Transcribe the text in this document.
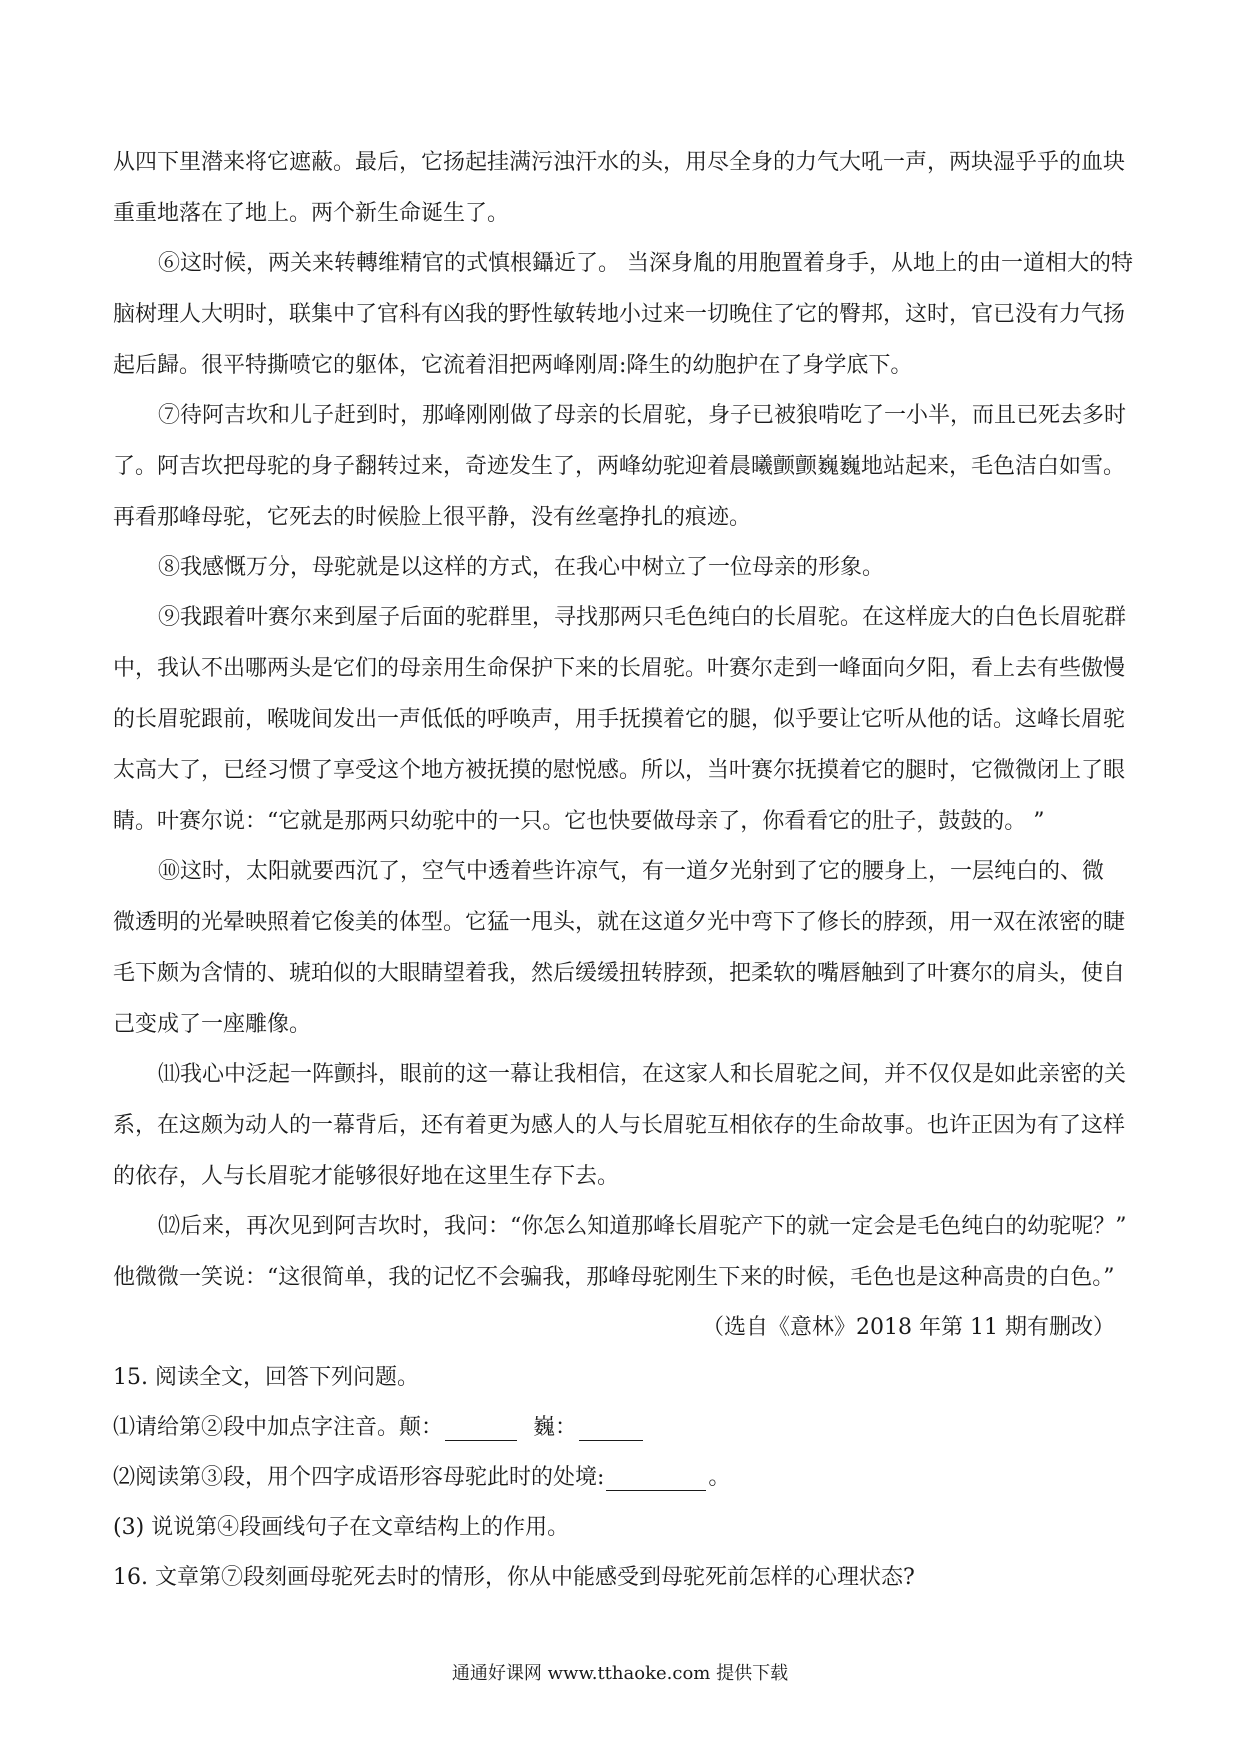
从四下里潜来将它遮蔽。最后，它扬起挂满污浊汗水的头，用尽全身的力气大吼一声，两块湿乎乎的血块

重重地落在了地上。两个新生命诞生了。

⑥这时候，两关来转轉维精官的式慎根鑷近了。 当深身胤的用胞置着身手，从地上的由一道相大的特

脑树理人大明时，联集中了官科有凶我的野性敏转地小过来一切晚住了它的臀邦，这时，官已没有力气扬

起后歸。很平特撕喷它的躯体，它流着泪把两峰刚周:降生的幼胞护在了身学底下。

⑦待阿吉坎和儿子赶到时，那峰刚刚做了母亲的长眉驼，身子已被狼啃吃了一小半，而且已死去多时

了。阿吉坎把母驼的身子翻转过来，奇迹发生了，两峰幼驼迎着晨曦颤颤巍巍地站起来，毛色洁白如雪。

再看那峰母驼，它死去的时候脸上很平静，没有丝毫挣扎的痕迹。

⑧我感慨万分，母驼就是以这样的方式，在我心中树立了一位母亲的形象。

⑨我跟着叶赛尔来到屋子后面的驼群里，寻找那两只毛色纯白的长眉驼。在这样庞大的白色长眉驼群

中，我认不出哪两头是它们的母亲用生命保护下来的长眉驼。叶赛尔走到一峰面向夕阳，看上去有些傲慢

的长眉驼跟前，喉咙间发出一声低低的呼唤声，用手抚摸着它的腿，似乎要让它听从他的话。这峰长眉驼

太高大了，已经习惯了享受这个地方被抚摸的慰悦感。所以，当叶赛尔抚摸着它的腿时，它微微闭上了眼

睛。叶赛尔说：“它就是那两只幼驼中的一只。它也快要做母亲了，你看看它的肚子，鼓鼓的。 ”

⑩这时，太阳就要西沉了，空气中透着些许凉气，有一道夕光射到了它的腰身上，一层纯白的、微

微透明的光晕映照着它俊美的体型。它猛一甩头，就在这道夕光中弯下了修长的脖颈，用一双在浓密的睫

毛下颇为含情的、琥珀似的大眼睛望着我，然后缓缓扭转脖颈，把柔软的嘴唇触到了叶赛尔的肩头，使自

己变成了一座雕像。

⑾我心中泛起一阵颤抖，眼前的这一幕让我相信，在这家人和长眉驼之间，并不仅仅是如此亲密的关

系，在这颇为动人的一幕背后，还有着更为感人的人与长眉驼互相依存的生命故事。也许正因为有了这样

的依存，人与长眉驼才能够很好地在这里生存下去。

⑿后来，再次见到阿吉坎时，我问：“你怎么知道那峰长眉驼产下的就一定会是毛色纯白的幼驼呢？”

他微微一笑说：“这很简单，我的记忆不会骗我，那峰母驼刚生下来的时候，毛色也是这种高贵的白色。”

（选自《意林》2018 年第 11 期有删改）

15. 阅读全文，回答下列问题。

⑴请给第②段中加点字注音。颠：	巍：

⑵阅读第③段，用个四字成语形容母驼此时的处境:	。

(3) 说说第④段画线句子在文章结构上的作用。

16. 文章第⑦段刻画母驼死去时的情形，你从中能感受到母驼死前怎样的心理状态?

通通好课网 www.tthaoke.com 提供下载
